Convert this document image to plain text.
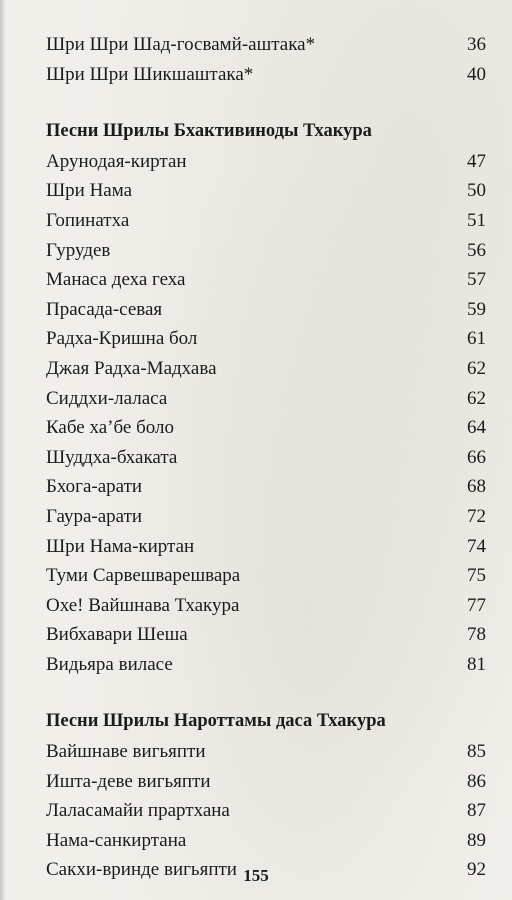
Шри Шри Шад-госвамй-аштака*	36
Шри Шри Шикшаштака*	40
Песни Шрилы Бхактивиноды Тхакура
Арунодая-киртан	47
Шри Нама	50
Гопинатха	51
Гурудев	56
Манаса деха геха	57
Прасада-севая	59
Радха-Кришна бол	61
Джая Радха-Мадхава	62
Сиддхи-лаласа	62
Кабе ха’бе боло	64
Шуддха-бхаката	66
Бхога-арати	68
Гаура-арати	72
Шри Нама-киртан	74
Туми Сарвешварешвара	75
Охе! Вайшнава Тхакура	77
Вибхавари Шеша	78
Видьяра виласе	81
Песни Шрилы Нароттамы даса Тхакура
Вайшнаве вигьяпти	85
Иштa-деве вигьяпти	86
Лаласамайи прартхана	87
Нама-санкиртана	89
Сакхи-вринде вигьяпти	92
155
